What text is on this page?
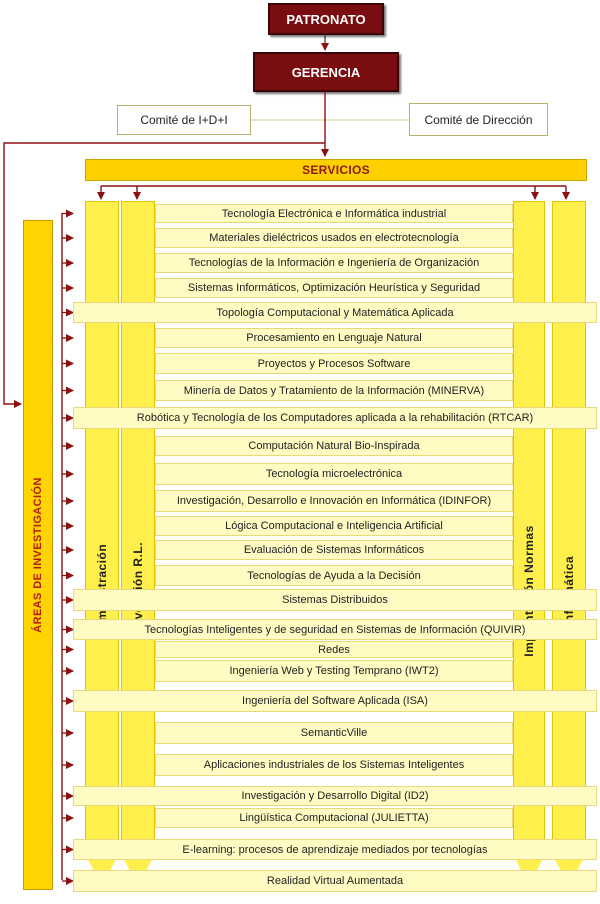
PATRONATO
GERENCIA
Comité de I+D+I	Comité de Dirección
SERVICIOS
ÁREAS DE INVESTIGACIÓN
Tecnología Electrónica e Informática industrial
Materiales dieléctricos usados en electrotecnología
Tecnologías de la Información e Ingeniería de Organización
Sistemas Informáticos, Optimización Heurística y Seguridad
Topología Computacional y Matemática Aplicada
Procesamiento en Lenguaje Natural
Proyectos y Procesos Software
Minería de Datos y Tratamiento de la Información (MINERVA)
Robótica y Tecnología de los Computadores aplicada a la rehabilitación (RTCAR)
Computación Natural Bio-Inspirada
Tecnología microelectrónica
Investigación, Desarrollo e Innovación en Informática (IDINFOR)
Lógica Computacional e Inteligencia Artificial
Evaluación de Sistemas Informáticos
Tecnologías de Ayuda a la Decisión
Sistemas Distribuidos
Tecnologías Inteligentes y de seguridad en Sistemas de Información (QUIVIR)
Redes
Ingeniería Web y Testing Temprano (IWT2)
Ingeniería del Software Aplicada (ISA)
SemanticVille
Aplicaciones industriales de los Sistemas Inteligentes
Investigación y Desarrollo Digital (ID2)
Lingüística Computacional (JULIETTA)
E-learning: procesos de aprendizaje mediados por tecnologías
Realidad Virtual Aumentada
